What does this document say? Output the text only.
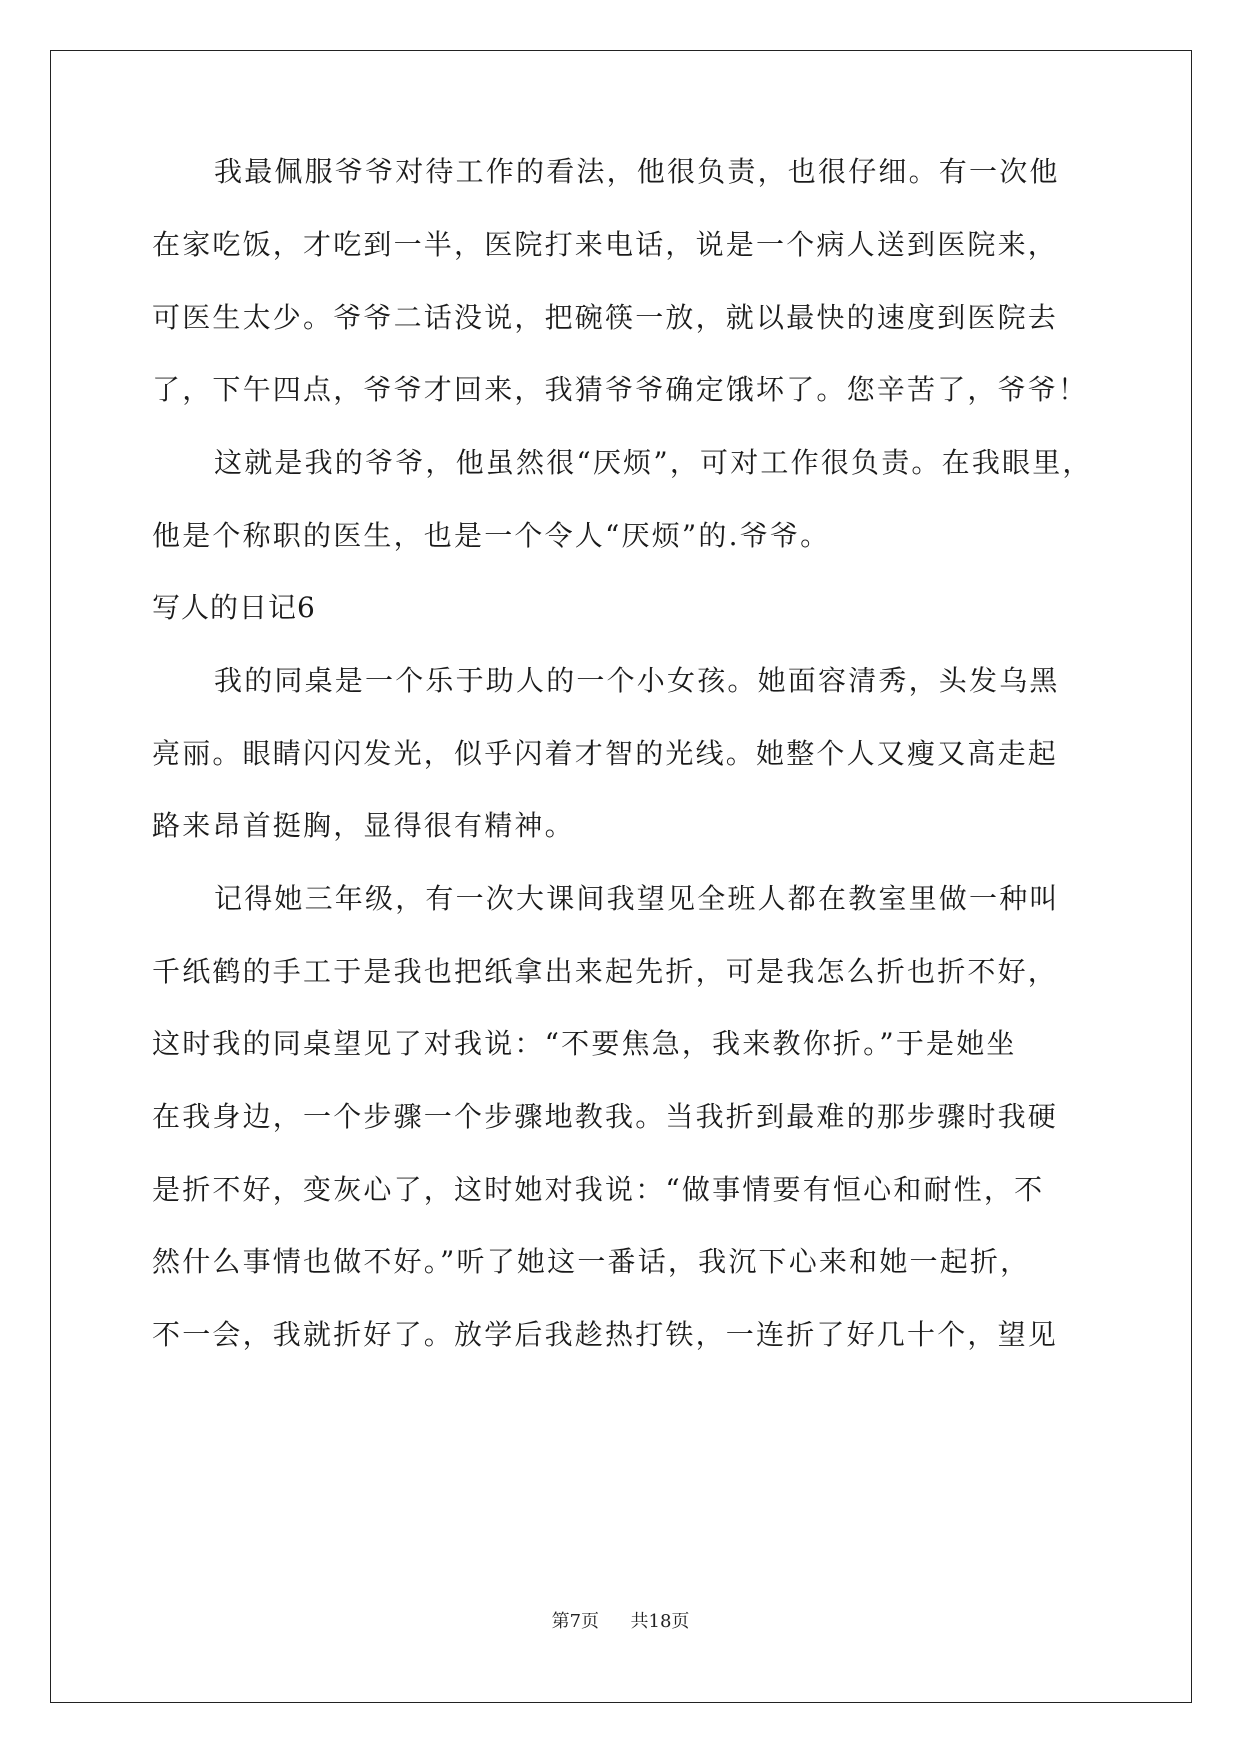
我最佩服爷爷对待工作的看法，他很负责，也很仔细。有一次他
在家吃饭，才吃到一半，医院打来电话，说是一个病人送到医院来，
可医生太少。爷爷二话没说，把碗筷一放，就以最快的速度到医院去
了，下午四点，爷爷才回来，我猜爷爷确定饿坏了。您辛苦了，爷爷！
这就是我的爷爷，他虽然很“厌烦”，可对工作很负责。在我眼里，
他是个称职的医生，也是一个令人“厌烦”的.爷爷。
写人的日记6
我的同桌是一个乐于助人的一个小女孩。她面容清秀，头发乌黑
亮丽。眼睛闪闪发光，似乎闪着才智的光线。她整个人又瘦又高走起
路来昂首挺胸，显得很有精神。
记得她三年级，有一次大课间我望见全班人都在教室里做一种叫
千纸鹤的手工于是我也把纸拿出来起先折，可是我怎么折也折不好，
这时我的同桌望见了对我说：“不要焦急，我来教你折。”于是她坐
在我身边，一个步骤一个步骤地教我。当我折到最难的那步骤时我硬
是折不好，变灰心了，这时她对我说：“做事情要有恒心和耐性，不
然什么事情也做不好。”听了她这一番话，我沉下心来和她一起折，
不一会，我就折好了。放学后我趁热打铁，一连折了好几十个，望见
第7页 共18页
